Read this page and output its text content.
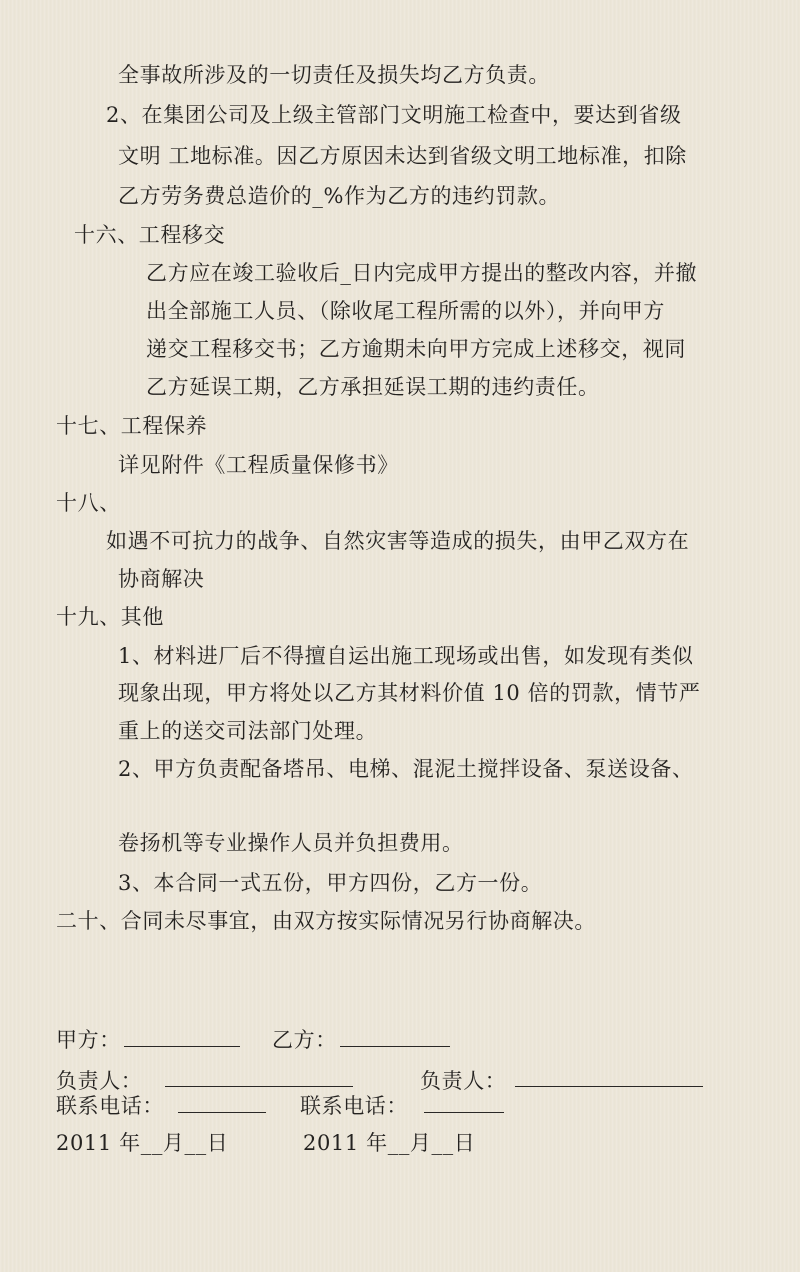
全事故所涉及的一切责任及损失均乙方负责。
2、在集团公司及上级主管部门文明施工检查中，要达到省级
文明 工地标准。因乙方原因未达到省级文明工地标准，扣除
乙方劳务费总造价的_%作为乙方的违约罚款。
十六、工程移交
乙方应在竣工验收后_日内完成甲方提出的整改内容，并撤
出全部施工人员、（除收尾工程所需的以外），并向甲方
递交工程移交书；乙方逾期未向甲方完成上述移交，视同
乙方延误工期，乙方承担延误工期的违约责任。
十七、工程保养
详见附件《工程质量保修书》
十八、
如遇不可抗力的战争、自然灾害等造成的损失，由甲乙双方在
协商解决
十九、其他
1、材料进厂后不得擅自运出施工现场或出售，如发现有类似
现象出现，甲方将处以乙方其材料价值 10 倍的罚款，情节严
重上的送交司法部门处理。
2、甲方负责配备塔吊、电梯、混泥土搅拌设备、泵送设备、
卷扬机等专业操作人员并负担费用。
3、本合同一式五份，甲方四份，乙方一份。
二十、合同未尽事宜，由双方按实际情况另行协商解决。
甲方：	乙方：
负责人：	负责人：
联系电话：	联系电话：
2011 年__月__日	2011 年__月__日
